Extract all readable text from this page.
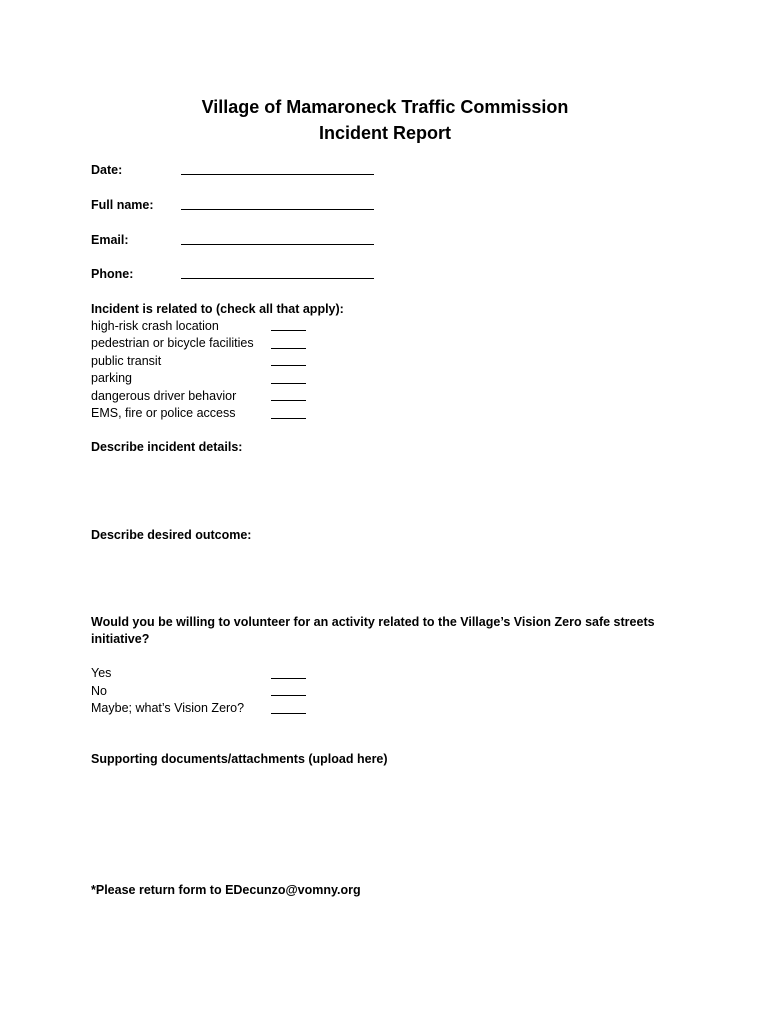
Village of Mamaroneck Traffic Commission
Incident Report
Date:
Full name:
Email:
Phone:
Incident is related to (check all that apply):
high-risk crash location
pedestrian or bicycle facilities
public transit
parking
dangerous driver behavior
EMS, fire or police access
Describe incident details:
Describe desired outcome:
Would you be willing to volunteer for an activity related to the Village’s Vision Zero safe streets initiative?
Yes
No
Maybe; what’s Vision Zero?
Supporting documents/attachments (upload here)
*Please return form to EDecunzo@vomny.org
